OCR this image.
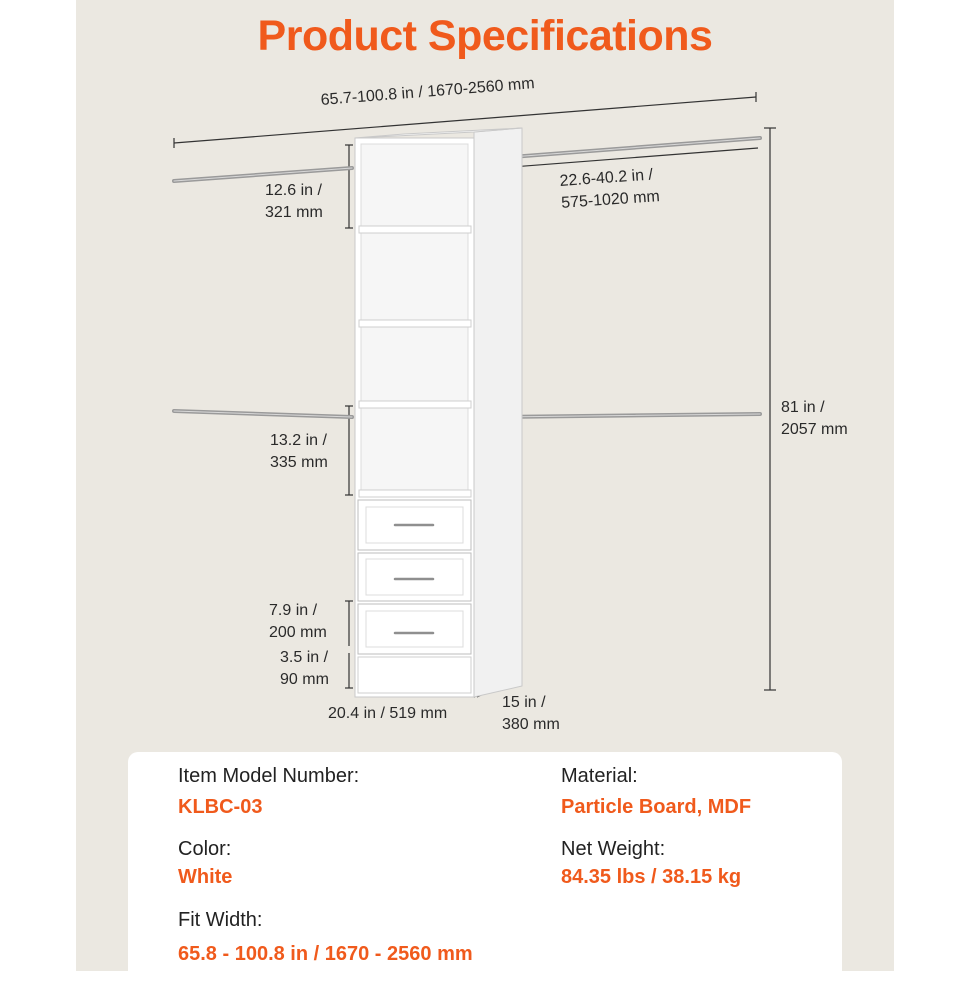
Product Specifications
65.7-100.8 in / 1670-2560 mm
22.6-40.2 in /
575-1020 mm
12.6 in /
321 mm
81 in /
2057 mm
13.2 in /
335 mm
7.9 in /
200 mm
3.5 in /
90 mm
20.4 in / 519 mm
15 in /
380 mm
Item Model Number:
KLBC-03
Material:
Particle Board, MDF
Color:
White
Net Weight:
84.35 lbs / 38.15 kg
Fit Width:
65.8 - 100.8 in / 1670 - 2560 mm
